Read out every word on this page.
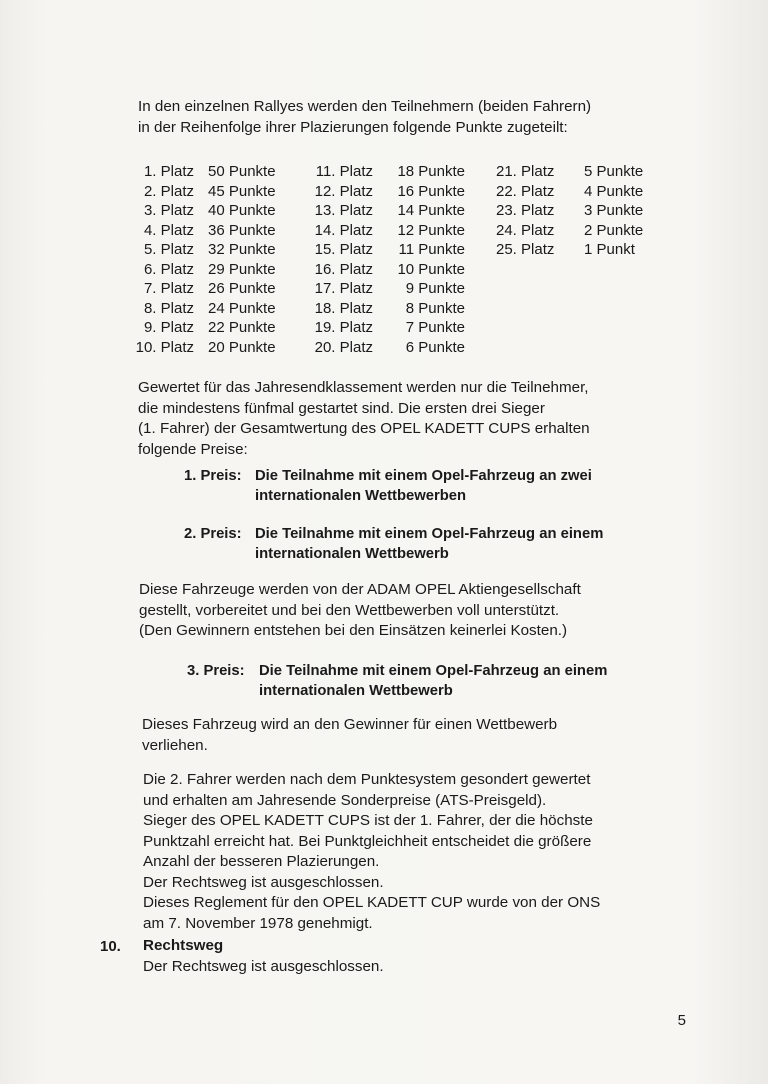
In den einzelnen Rallyes werden den Teilnehmern (beiden Fahrern)
in der Reihenfolge ihrer Plazierungen folgende Punkte zugeteilt:
1. Platz
2. Platz
3. Platz
4. Platz
5. Platz
6. Platz
7. Platz
8. Platz
9. Platz
10. Platz
50 Punkte
45 Punkte
40 Punkte
36 Punkte
32 Punkte
29 Punkte
26 Punkte
24 Punkte
22 Punkte
20 Punkte
11. Platz
12. Platz
13. Platz
14. Platz
15. Platz
16. Platz
17. Platz
18. Platz
19. Platz
20. Platz
18 Punkte
16 Punkte
14 Punkte
12 Punkte
11 Punkte
10 Punkte
9 Punkte
8 Punkte
7 Punkte
6 Punkte
21. Platz
22. Platz
23. Platz
24. Platz
25. Platz
5 Punkte
4 Punkte
3 Punkte
2 Punkte
1 Punkt
Gewertet für das Jahresendklassement werden nur die Teilnehmer,
die mindestens fünfmal gestartet sind. Die ersten drei Sieger
(1. Fahrer) der Gesamtwertung des OPEL KADETT CUPS erhalten
folgende Preise:
1. Preis: Die Teilnahme mit einem Opel-Fahrzeug an zwei
internationalen Wettbewerben
2. Preis: Die Teilnahme mit einem Opel-Fahrzeug an einem
internationalen Wettbewerb
Diese Fahrzeuge werden von der ADAM OPEL Aktiengesellschaft
gestellt, vorbereitet und bei den Wettbewerben voll unterstützt.
(Den Gewinnern entstehen bei den Einsätzen keinerlei Kosten.)
3. Preis: Die Teilnahme mit einem Opel-Fahrzeug an einem
internationalen Wettbewerb
Dieses Fahrzeug wird an den Gewinner für einen Wettbewerb
verliehen.
Die 2. Fahrer werden nach dem Punktesystem gesondert gewertet
und erhalten am Jahresende Sonderpreise (ATS-Preisgeld).
Sieger des OPEL KADETT CUPS ist der 1. Fahrer, der die höchste
Punktzahl erreicht hat. Bei Punktgleichheit entscheidet die größere
Anzahl der besseren Plazierungen.
Der Rechtsweg ist ausgeschlossen.
Dieses Reglement für den OPEL KADETT CUP wurde von der ONS
am 7. November 1978 genehmigt.
10. Rechtsweg
Der Rechtsweg ist ausgeschlossen.
5
